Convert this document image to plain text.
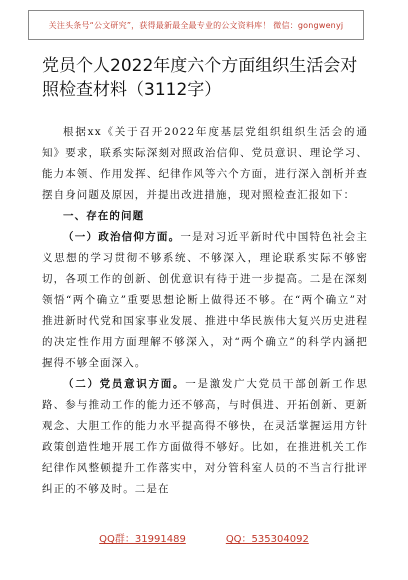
关注头条号“公文研究”，获得最新最全最专业的公文资料库！ 微信：gongwenyj
党员个人2022年度六个方面组织生活会对照检查材料（3112字）

根据xx《关于召开2022年度基层党组织组织生活会的通知》要求，联系实际深刻对照政治信仰、党员意识、理论学习、能力本领、作用发挥、纪律作风等六个方面，进行深入剖析并查摆自身问题及原因，并提出改进措施，现对照检查汇报如下：

一、存在的问题

（一）政治信仰方面。一是对习近平新时代中国特色社会主义思想的学习贯彻不够系统、不够深入，理论联系实际不够密切，各项工作的创新、创优意识有待于进一步提高。二是在深刻领悟“两个确立”重要思想论断上做得还不够。在“两个确立”对推进新时代党和国家事业发展、推进中华民族伟大复兴历史进程的决定性作用方面理解不够深入，对“两个确立”的科学内涵把握得不够全面深入。

（二）党员意识方面。一是激发广大党员干部创新工作思路、参与推动工作的能力还不够高，与时俱进、开拓创新、更新观念、大胆工作的能力水平提高得不够快，在灵活掌握运用方针政策创造性地开展工作方面做得不够好。比如，在推进机关工作纪律作风整顿提升工作落实中，对分管科室人员的不当言行批评纠正的不够及时。二是在

QQ群：31991489	QQ：535304092
